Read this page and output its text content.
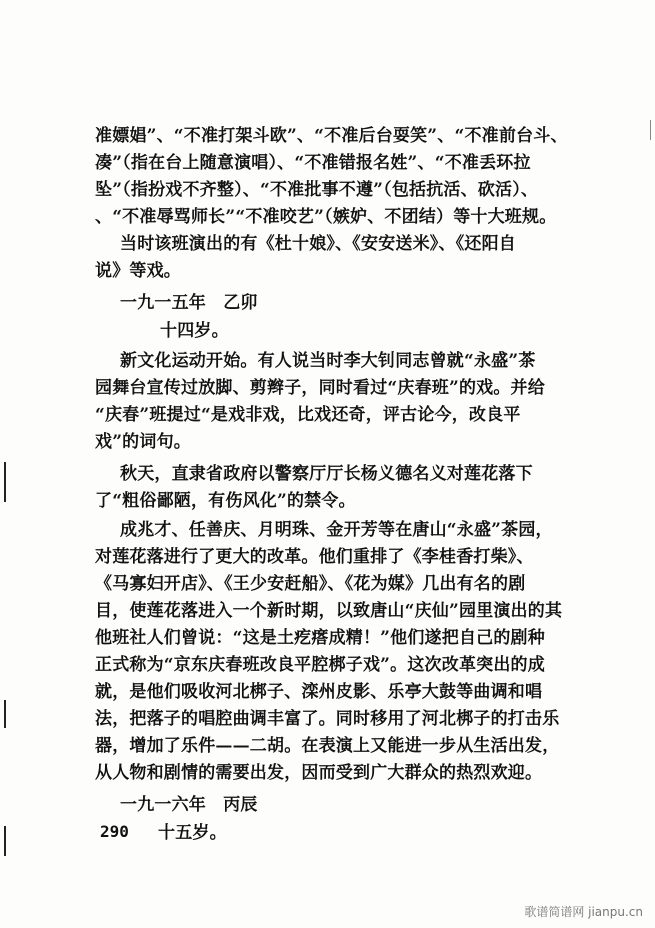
准嫖娼”、“不准打架斗欧”、“不准后台耍笑”、“不准前台斗、
凑”（指在台上随意演唱）、“不准错报名姓”、“不准丢环拉
坠”（指扮戏不齐整）、“不准批事不遵”（包括抗活、砍活）、
、“不准辱骂师长”“不准咬艺”（嫉妒、不团结）等十大班规。
当时该班演出的有《杜十娘》、《安安送米》、《还阳自
说》等戏。
一九一五年　乙卯
十四岁。
新文化运动开始。有人说当时李大钊同志曾就“永盛”茶
园舞台宣传过放脚、剪辫子，同时看过“庆春班”的戏。并给
“庆春”班提过“是戏非戏，比戏还奇，评古论今，改良平
戏”的词句。
秋天，直隶省政府以警察厅厅长杨义德名义对莲花落下
了“粗俗鄙陋，有伤风化”的禁令。
成兆才、任善庆、月明珠、金开芳等在唐山“永盛”茶园，
对莲花落进行了更大的改革。他们重排了《李桂香打柴》、
《马寡妇开店》、《王少安赶船》、《花为媒》几出有名的剧
目，使莲花落进入一个新时期，以致唐山“庆仙”园里演出的其
他班社人们曾说：“这是土疙瘩成精！”他们遂把自己的剧种
正式称为“京东庆春班改良平腔梆子戏”。这次改革突出的成
就，是他们吸收河北梆子、滦州皮影、乐亭大鼓等曲调和唱
法，把落子的唱腔曲调丰富了。同时移用了河北梆子的打击乐
器，增加了乐件——二胡。在表演上又能进一步从生活出发，
从人物和剧情的需要出发，因而受到广大群众的热烈欢迎。
一九一六年　丙辰
十五岁。
290
歌谱简谱网 jianpu.cn
